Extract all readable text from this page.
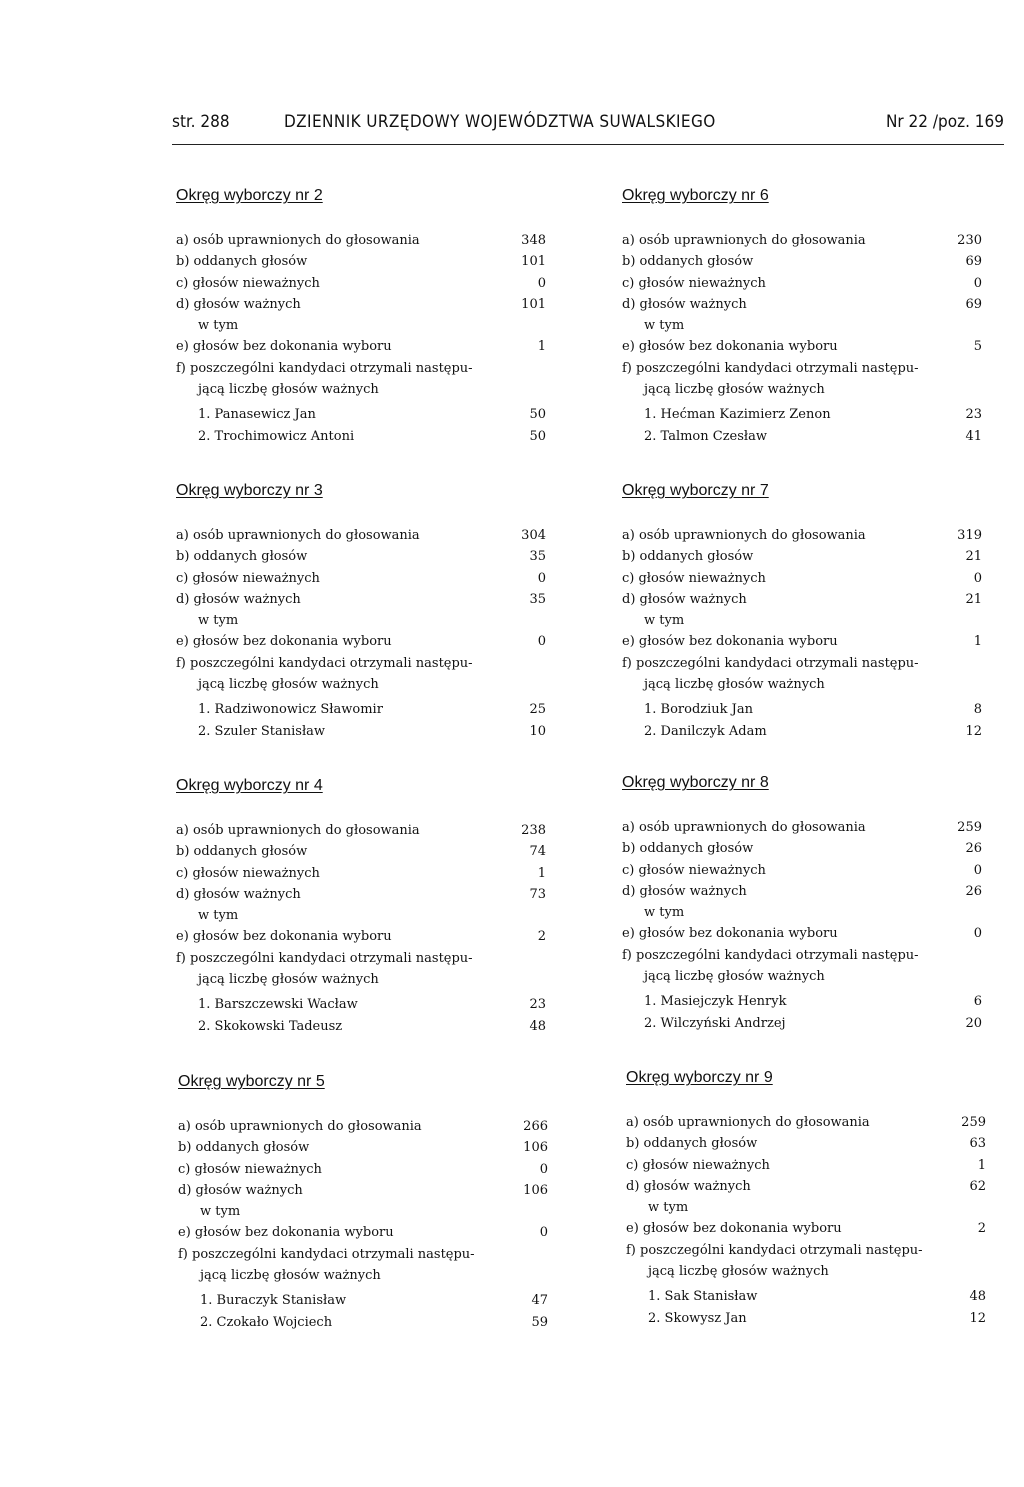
str. 288	DZIENNIK URZĘDOWY WOJEWÓDZTWA SUWALSKIEGO	Nr 22 /poz. 169
Okręg wyborczy nr 2
a) osób uprawnionych do głosowania	348
b) oddanych głosów	101
c) głosów nieważnych	0
d) głosów ważnych	101
w tym
e) głosów bez dokonania wyboru	1
f) poszczególni kandydaci otrzymali następu-
jącą liczbę głosów ważnych
1. Panasewicz Jan	50
2. Trochimowicz Antoni	50
Okręg wyborczy nr 6
a) osób uprawnionych do głosowania	230
b) oddanych głosów	69
c) głosów nieważnych	0
d) głosów ważnych	69
w tym
e) głosów bez dokonania wyboru	5
f) poszczególni kandydaci otrzymali następu-
jącą liczbę głosów ważnych
1. Hećman Kazimierz Zenon	23
2. Talmon Czesław	41
Okręg wyborczy nr 3
a) osób uprawnionych do głosowania	304
b) oddanych głosów	35
c) głosów nieważnych	0
d) głosów ważnych	35
w tym
e) głosów bez dokonania wyboru	0
f) poszczególni kandydaci otrzymali następu-
jącą liczbę głosów ważnych
1. Radziwonowicz Sławomir	25
2. Szuler Stanisław	10
Okręg wyborczy nr 7
a) osób uprawnionych do głosowania	319
b) oddanych głosów	21
c) głosów nieważnych	0
d) głosów ważnych	21
w tym
e) głosów bez dokonania wyboru	1
f) poszczególni kandydaci otrzymali następu-
jącą liczbę głosów ważnych
1. Borodziuk Jan	8
2. Danilczyk Adam	12
Okręg wyborczy nr 4
a) osób uprawnionych do głosowania	238
b) oddanych głosów	74
c) głosów nieważnych	1
d) głosów ważnych	73
w tym
e) głosów bez dokonania wyboru	2
f) poszczególni kandydaci otrzymali następu-
jącą liczbę głosów ważnych
1. Barszczewski Wacław	23
2. Skokowski Tadeusz	48
Okręg wyborczy nr 8
a) osób uprawnionych do głosowania	259
b) oddanych głosów	26
c) głosów nieważnych	0
d) głosów ważnych	26
w tym
e) głosów bez dokonania wyboru	0
f) poszczególni kandydaci otrzymali następu-
jącą liczbę głosów ważnych
1. Masiejczyk Henryk	6
2. Wilczyński Andrzej	20
Okręg wyborczy nr 5
a) osób uprawnionych do głosowania	266
b) oddanych głosów	106
c) głosów nieważnych	0
d) głosów ważnych	106
w tym
e) głosów bez dokonania wyboru	0
f) poszczególni kandydaci otrzymali następu-
jącą liczbę głosów ważnych
1. Buraczyk Stanisław	47
2. Czokało Wojciech	59
Okręg wyborczy nr 9
a) osób uprawnionych do głosowania	259
b) oddanych głosów	63
c) głosów nieważnych	1
d) głosów ważnych	62
w tym
e) głosów bez dokonania wyboru	2
f) poszczególni kandydaci otrzymali następu-
jącą liczbę głosów ważnych
1. Sak Stanisław	48
2. Skowysz Jan	12
